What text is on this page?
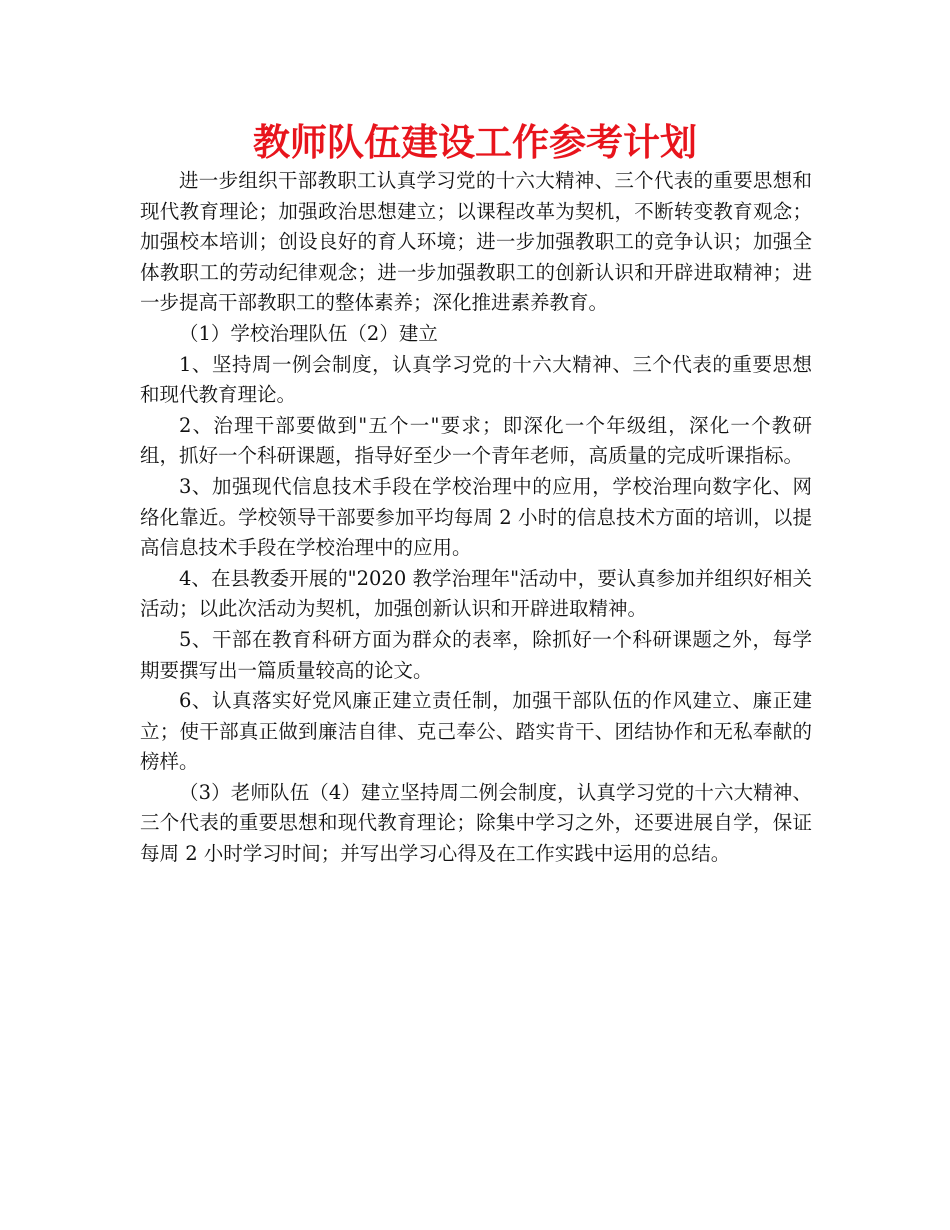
教师队伍建设工作参考计划

进一步组织干部教职工认真学习党的十六大精神、三个代表的重要思想和现代教育理论；加强政治思想建立；以课程改革为契机，不断转变教育观念；加强校本培训；创设良好的育人环境；进一步加强教职工的竞争认识；加强全体教职工的劳动纪律观念；进一步加强教职工的创新认识和开辟进取精神；进一步提高干部教职工的整体素养；深化推进素养教育。

（1）学校治理队伍（2）建立

1、坚持周一例会制度，认真学习党的十六大精神、三个代表的重要思想和现代教育理论。

2、治理干部要做到"五个一"要求；即深化一个年级组，深化一个教研组，抓好一个科研课题，指导好至少一个青年老师，高质量的完成听课指标。

3、加强现代信息技术手段在学校治理中的应用，学校治理向数字化、网络化靠近。学校领导干部要参加平均每周 2 小时的信息技术方面的培训，以提高信息技术手段在学校治理中的应用。

4、在县教委开展的"2020 教学治理年"活动中，要认真参加并组织好相关活动；以此次活动为契机，加强创新认识和开辟进取精神。

5、干部在教育科研方面为群众的表率，除抓好一个科研课题之外，每学期要撰写出一篇质量较高的论文。

6、认真落实好党风廉正建立责任制，加强干部队伍的作风建立、廉正建立；使干部真正做到廉洁自律、克己奉公、踏实肯干、团结协作和无私奉献的榜样。

（3）老师队伍（4）建立坚持周二例会制度，认真学习党的十六大精神、三个代表的重要思想和现代教育理论；除集中学习之外，还要进展自学，保证每周 2 小时学习时间；并写出学习心得及在工作实践中运用的总结。
